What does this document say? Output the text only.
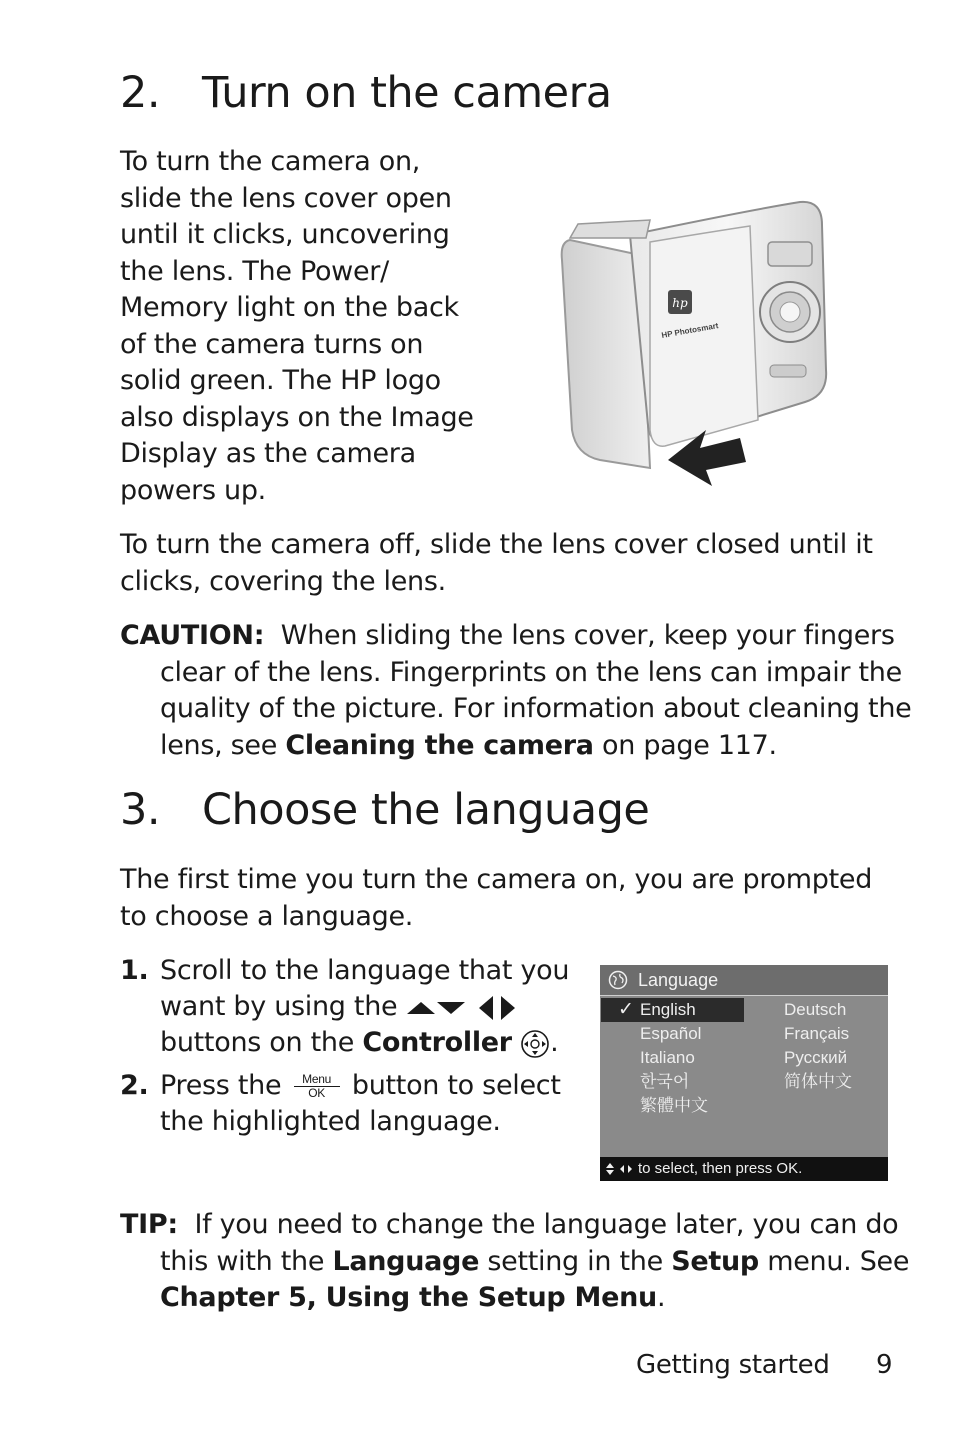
2. Turn on the camera
To turn the camera on,
slide the lens cover open
until it clicks, uncovering
the lens. The Power/
Memory light on the back
of the camera turns on
solid green. The HP logo
also displays on the Image
Display as the camera
powers up.
hp
HP Photosmart
To turn the camera off, slide the lens cover closed until it clicks, covering the lens.
CAUTION: When sliding the lens cover, keep your fingers clear of the lens. Fingerprints on the lens can impair the quality of the picture. For information about cleaning the lens, see Cleaning the camera on page 117.
3. Choose the language
The first time you turn the camera on, you are prompted to choose a language.
1. Scroll to the language that you want by using the   buttons on the Controller .
2. Press the	Menu
OK button to select the highlighted language.
Language
✓ English
Español
Italiano
한국어
繁體中文
Deutsch
Français
Русский
简体中文
to select, then press OK.
TIP: If you need to change the language later, you can do this with the Language setting in the Setup menu. See Chapter 5, Using the Setup Menu.
Getting started 9
